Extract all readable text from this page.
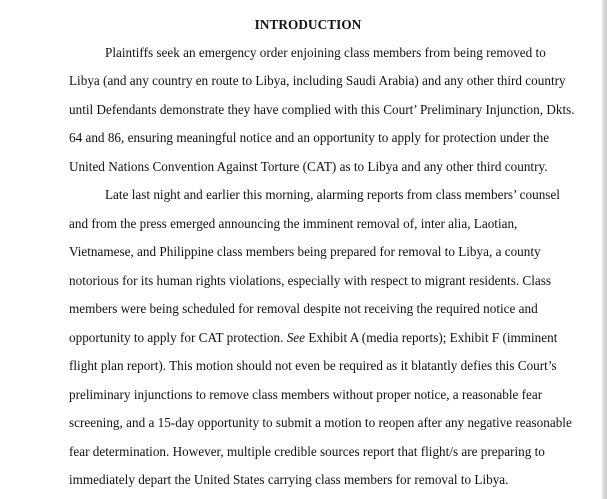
INTRODUCTION
Plaintiffs seek an emergency order enjoining class members from being removed to
Libya (and any country en route to Libya, including Saudi Arabia) and any other third country
until Defendants demonstrate they have complied with this Court’ Preliminary Injunction, Dkts.
64 and 86, ensuring meaningful notice and an opportunity to apply for protection under the
United Nations Convention Against Torture (CAT) as to Libya and any other third country.
Late last night and earlier this morning, alarming reports from class members’ counsel
and from the press emerged announcing the imminent removal of, inter alia, Laotian,
Vietnamese, and Philippine class members being prepared for removal to Libya, a county
notorious for its human rights violations, especially with respect to migrant residents. Class
members were being scheduled for removal despite not receiving the required notice and
opportunity to apply for CAT protection. See Exhibit A (media reports); Exhibit F (imminent
flight plan report). This motion should not even be required as it blatantly defies this Court’s
preliminary injunctions to remove class members without proper notice, a reasonable fear
screening, and a 15-day opportunity to submit a motion to reopen after any negative reasonable
fear determination. However, multiple credible sources report that flight/s are preparing to
immediately depart the United States carrying class members for removal to Libya.
